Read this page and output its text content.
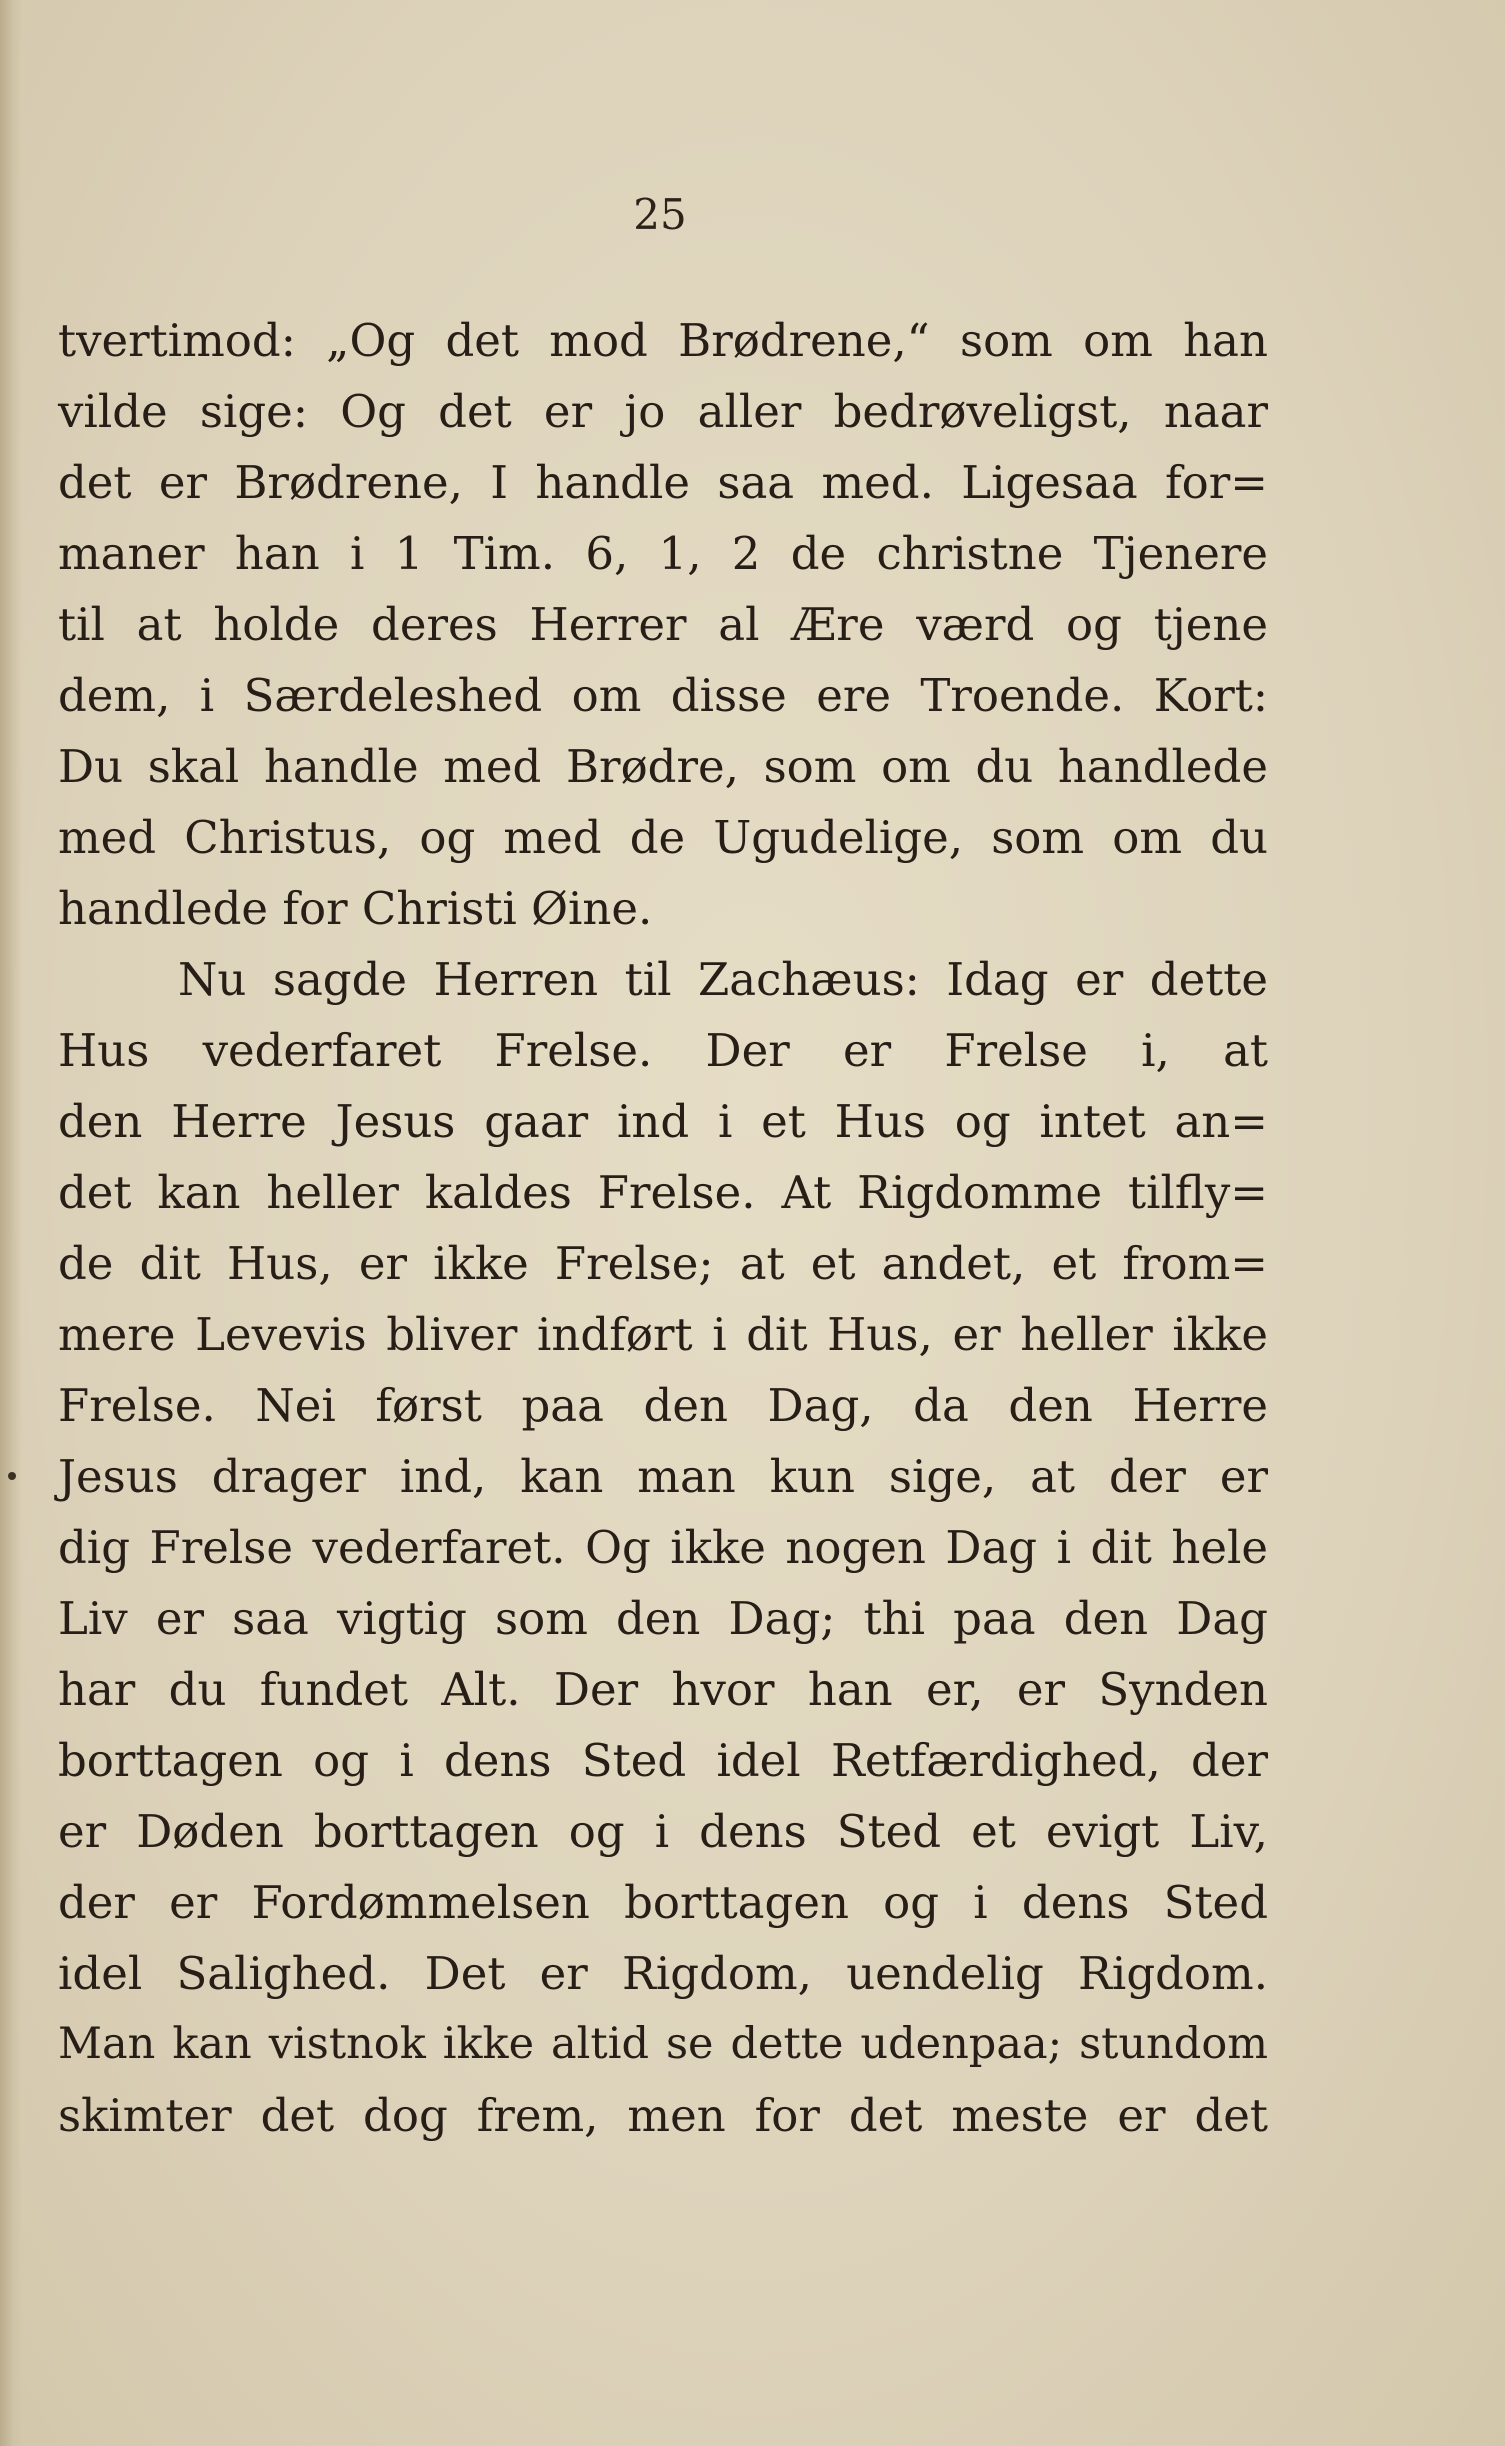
25
tvertimod: „Og det mod Brødrene,“ som om han
vilde sige: Og det er jo aller bedrøveligst, naar
det er Brødrene, I handle saa med. Ligesaa for=
maner han i 1 Tim. 6, 1, 2 de christne Tjenere
til at holde deres Herrer al Ære værd og tjene
dem, i Særdeleshed om disse ere Troende. Kort:
Du skal handle med Brødre, som om du handlede
med Christus, og med de Ugudelige, som om du
handlede for Christi Øine.
Nu sagde Herren til Zachæus: Idag er dette
Hus vederfaret Frelse. Der er Frelse i, at
den Herre Jesus gaar ind i et Hus og intet an=
det kan heller kaldes Frelse. At Rigdomme tilfly=
de dit Hus, er ikke Frelse; at et andet, et from=
mere Levevis bliver indført i dit Hus, er heller ikke
Frelse. Nei først paa den Dag, da den Herre
Jesus drager ind, kan man kun sige, at der er
dig Frelse vederfaret. Og ikke nogen Dag i dit hele
Liv er saa vigtig som den Dag; thi paa den Dag
har du fundet Alt. Der hvor han er, er Synden
borttagen og i dens Sted idel Retfærdighed, der
er Døden borttagen og i dens Sted et evigt Liv,
der er Fordømmelsen borttagen og i dens Sted
idel Salighed. Det er Rigdom, uendelig Rigdom.
Man kan vistnok ikke altid se dette udenpaa; stundom
skimter det dog frem, men for det meste er det
